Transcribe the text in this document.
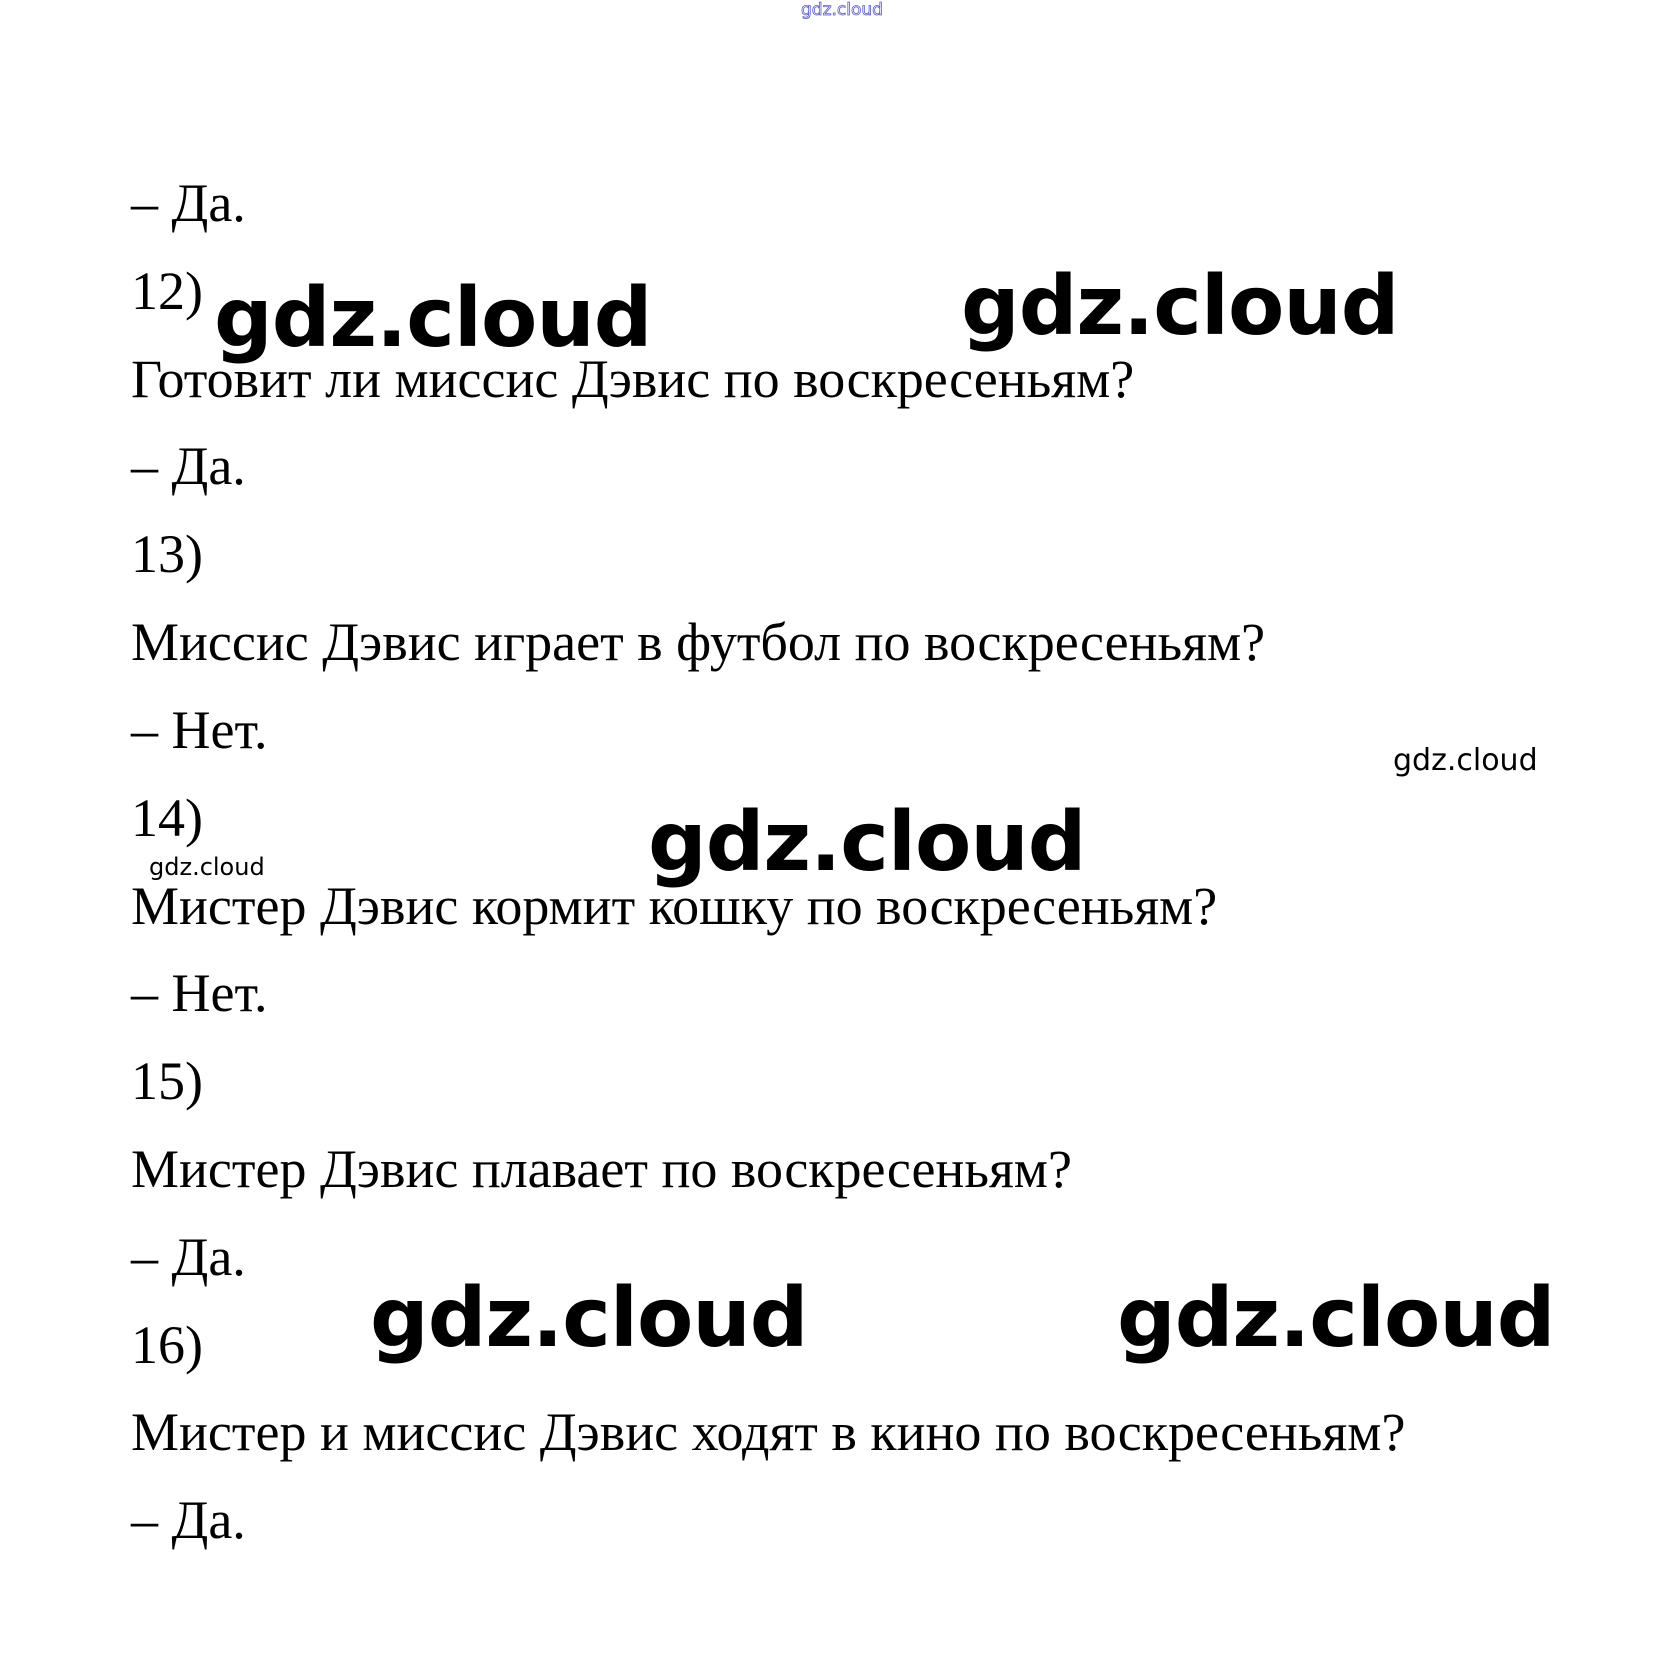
– Да.

12)

Готовит ли миссис Дэвис по воскресеньям?

– Да.

13)

Миссис Дэвис играет в футбол по воскресеньям?

– Нет.

14)

Мистер Дэвис кормит кошку по воскресеньям?

– Нет.

15)

Мистер Дэвис плавает по воскресеньям?

– Да.

16)

Мистер и миссис Дэвис ходят в кино по воскресеньям?

– Да.

gdz.cloud
gdz.cloud	gdz.cloud
gdz.cloud
gdz.cloud
gdz.cloud
gdz.cloud	gdz.cloud
